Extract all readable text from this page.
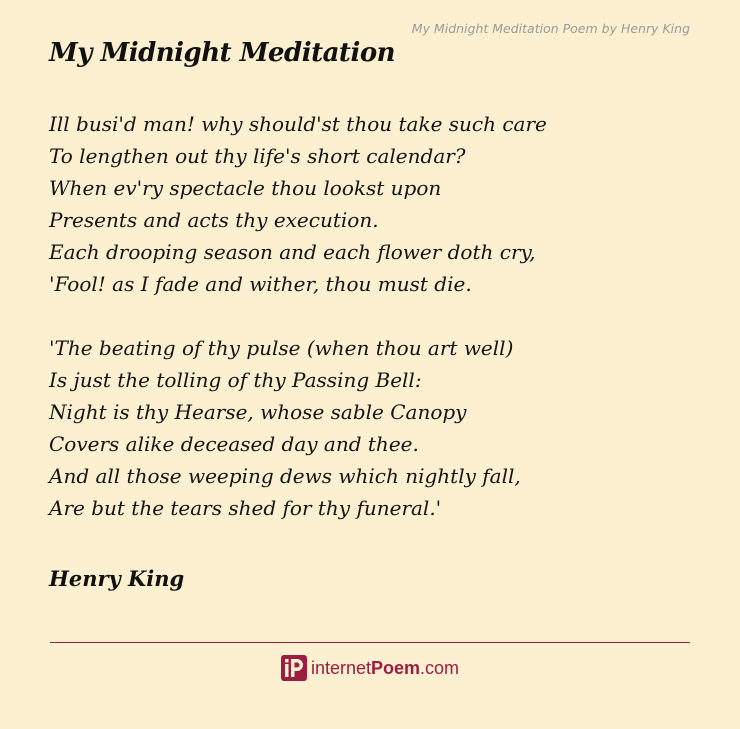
My Midnight Meditation Poem by Henry King
My Midnight Meditation
Ill busi'd man! why should'st thou take such care
To lengthen out thy life's short calendar?
When ev'ry spectacle thou lookst upon
Presents and acts thy execution.
Each drooping season and each flower doth cry,
'Fool! as I fade and wither, thou must die.
'The beating of thy pulse (when thou art well)
Is just the tolling of thy Passing Bell:
Night is thy Hearse, whose sable Canopy
Covers alike deceased day and thee.
And all those weeping dews which nightly fall,
Are but the tears shed for thy funeral.'
Henry King
internetPoem.com
